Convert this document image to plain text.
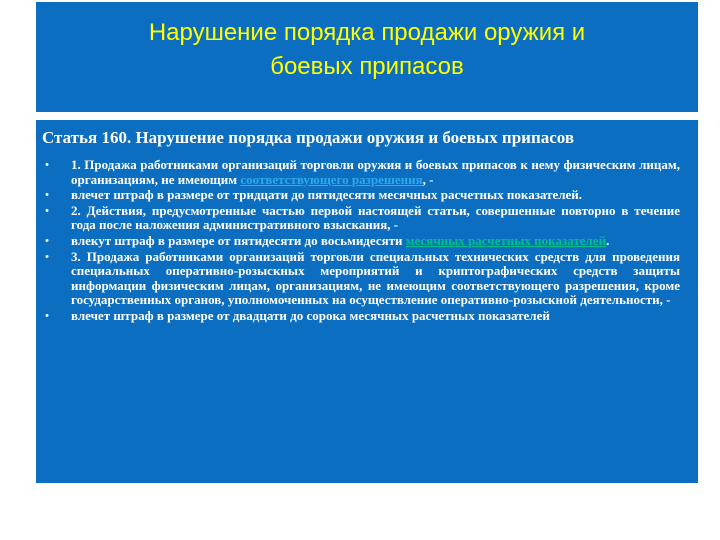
Нарушение порядка продажи оружия и
боевых припасов
Статья 160. Нарушение порядка продажи оружия и боевых припасов
• 1. Продажа работниками организаций торговли оружия и боевых припасов к нему физическим лицам, организациям, не имеющим соответствующего разрешения, -
• влечет штраф в размере от тридцати до пятидесяти месячных расчетных показателей.
• 2. Действия, предусмотренные частью первой настоящей статьи, совершенные повторно в течение года после наложения административного взыскания, -
• влекут штраф в размере от пятидесяти до восьмидесяти месячных расчетных показателей.
• 3. Продажа работниками организаций торговли специальных технических средств для проведения специальных оперативно-розыскных мероприятий и криптографических средств защиты информации физическим лицам, организациям, не имеющим соответствующего разрешения, кроме государственных органов, уполномоченных на осуществление оперативно-розыскной деятельности, -
• влечет штраф в размере от двадцати до сорока месячных расчетных показателей
